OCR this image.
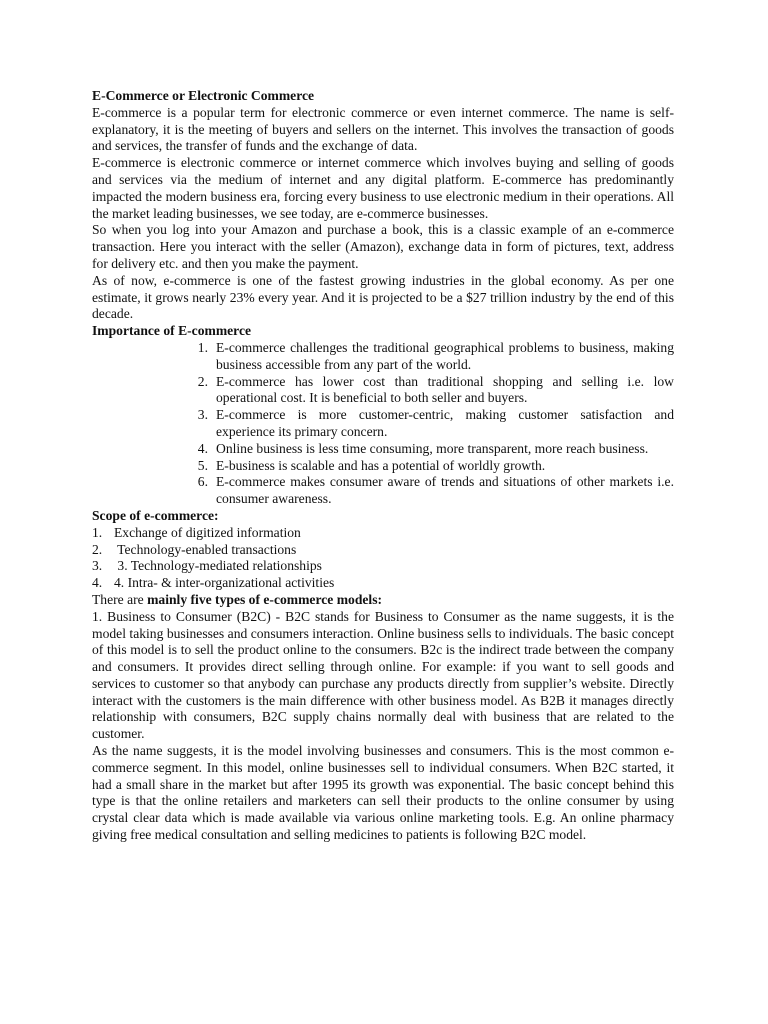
E-Commerce or Electronic Commerce

E-commerce is a popular term for electronic commerce or even internet commerce. The name is self-explanatory, it is the meeting of buyers and sellers on the internet. This involves the transaction of goods and services, the transfer of funds and the exchange of data.

E-commerce is electronic commerce or internet commerce which involves buying and selling of goods and services via the medium of internet and any digital platform. E-commerce has predominantly impacted the modern business era, forcing every business to use electronic medium in their operations. All the market leading businesses, we see today, are e-commerce businesses.

So when you log into your Amazon and purchase a book, this is a classic example of an e-commerce transaction. Here you interact with the seller (Amazon), exchange data in form of pictures, text, address for delivery etc. and then you make the payment.

As of now, e-commerce is one of the fastest growing industries in the global economy. As per one estimate, it grows nearly 23% every year. And it is projected to be a $27 trillion industry by the end of this decade.

Importance of E-commerce

1. E-commerce challenges the traditional geographical problems to business, making business accessible from any part of the world.
2. E-commerce has lower cost than traditional shopping and selling i.e. low operational cost. It is beneficial to both seller and buyers.
3. E-commerce is more customer-centric, making customer satisfaction and experience its primary concern.
4. Online business is less time consuming, more transparent, more reach business.
5. E-business is scalable and has a potential of worldly growth.
6. E-commerce makes consumer aware of trends and situations of other markets i.e. consumer awareness.

Scope of e-commerce:

1. Exchange of digitized information
2. Technology-enabled transactions
3. 3. Technology-mediated relationships
4. 4. Intra- & inter-organizational activities

There are mainly five types of e-commerce models:

1. Business to Consumer (B2C) - B2C stands for Business to Consumer as the name suggests, it is the model taking businesses and consumers interaction. Online business sells to individuals. The basic concept of this model is to sell the product online to the consumers. B2c is the indirect trade between the company and consumers. It provides direct selling through online. For example: if you want to sell goods and services to customer so that anybody can purchase any products directly from supplier’s website. Directly interact with the customers is the main difference with other business model. As B2B it manages directly relationship with consumers, B2C supply chains normally deal with business that are related to the customer.

As the name suggests, it is the model involving businesses and consumers. This is the most common e-commerce segment. In this model, online businesses sell to individual consumers. When B2C started, it had a small share in the market but after 1995 its growth was exponential. The basic concept behind this type is that the online retailers and marketers can sell their products to the online consumer by using crystal clear data which is made available via various online marketing tools. E.g. An online pharmacy giving free medical consultation and selling medicines to patients is following B2C model.
